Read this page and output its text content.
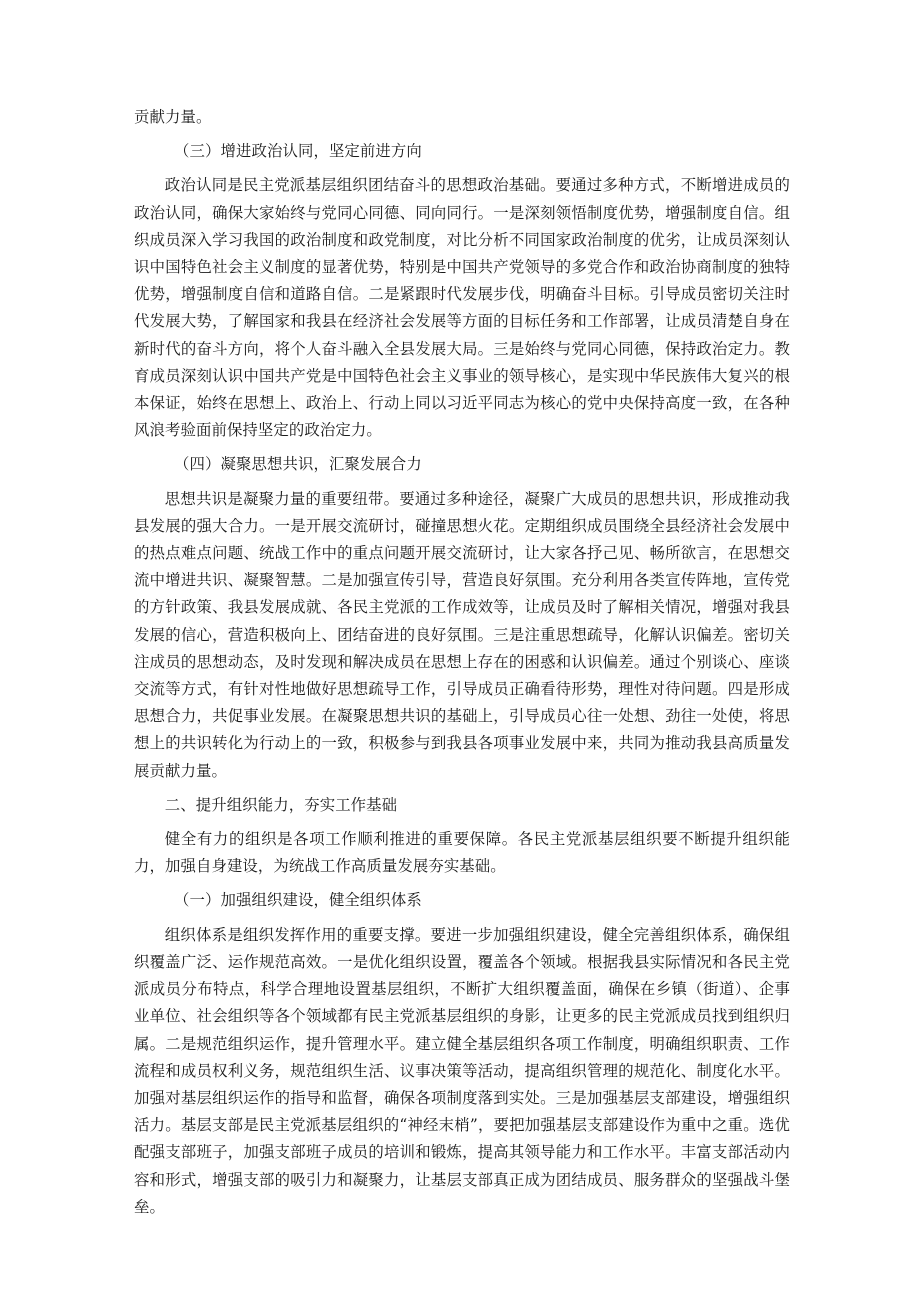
贡献力量。

（三）增进政治认同，坚定前进方向

政治认同是民主党派基层组织团结奋斗的思想政治基础。要通过多种方式，不断增进成员的政治认同，确保大家始终与党同心同德、同向同行。一是深刻领悟制度优势，增强制度自信。组织成员深入学习我国的政治制度和政党制度，对比分析不同国家政治制度的优劣，让成员深刻认识中国特色社会主义制度的显著优势，特别是中国共产党领导的多党合作和政治协商制度的独特优势，增强制度自信和道路自信。二是紧跟时代发展步伐，明确奋斗目标。引导成员密切关注时代发展大势，了解国家和我县在经济社会发展等方面的目标任务和工作部署，让成员清楚自身在新时代的奋斗方向，将个人奋斗融入全县发展大局。三是始终与党同心同德，保持政治定力。教育成员深刻认识中国共产党是中国特色社会主义事业的领导核心，是实现中华民族伟大复兴的根本保证，始终在思想上、政治上、行动上同以习近平同志为核心的党中央保持高度一致，在各种风浪考验面前保持坚定的政治定力。

（四）凝聚思想共识，汇聚发展合力

思想共识是凝聚力量的重要纽带。要通过多种途径，凝聚广大成员的思想共识，形成推动我县发展的强大合力。一是开展交流研讨，碰撞思想火花。定期组织成员围绕全县经济社会发展中的热点难点问题、统战工作中的重点问题开展交流研讨，让大家各抒己见、畅所欲言，在思想交流中增进共识、凝聚智慧。二是加强宣传引导，营造良好氛围。充分利用各类宣传阵地，宣传党的方针政策、我县发展成就、各民主党派的工作成效等，让成员及时了解相关情况，增强对我县发展的信心，营造积极向上、团结奋进的良好氛围。三是注重思想疏导，化解认识偏差。密切关注成员的思想动态，及时发现和解决成员在思想上存在的困惑和认识偏差。通过个别谈心、座谈交流等方式，有针对性地做好思想疏导工作，引导成员正确看待形势，理性对待问题。四是形成思想合力，共促事业发展。在凝聚思想共识的基础上，引导成员心往一处想、劲往一处使，将思想上的共识转化为行动上的一致，积极参与到我县各项事业发展中来，共同为推动我县高质量发展贡献力量。

二、提升组织能力，夯实工作基础

健全有力的组织是各项工作顺利推进的重要保障。各民主党派基层组织要不断提升组织能力，加强自身建设，为统战工作高质量发展夯实基础。

（一）加强组织建设，健全组织体系

组织体系是组织发挥作用的重要支撑。要进一步加强组织建设，健全完善组织体系，确保组织覆盖广泛、运作规范高效。一是优化组织设置，覆盖各个领域。根据我县实际情况和各民主党派成员分布特点，科学合理地设置基层组织，不断扩大组织覆盖面，确保在乡镇（街道）、企事业单位、社会组织等各个领域都有民主党派基层组织的身影，让更多的民主党派成员找到组织归属。二是规范组织运作，提升管理水平。建立健全基层组织各项工作制度，明确组织职责、工作流程和成员权利义务，规范组织生活、议事决策等活动，提高组织管理的规范化、制度化水平。加强对基层组织运作的指导和监督，确保各项制度落到实处。三是加强基层支部建设，增强组织活力。基层支部是民主党派基层组织的“神经末梢”，要把加强基层支部建设作为重中之重。选优配强支部班子，加强支部班子成员的培训和锻炼，提高其领导能力和工作水平。丰富支部活动内容和形式，增强支部的吸引力和凝聚力，让基层支部真正成为团结成员、服务群众的坚强战斗堡垒。
